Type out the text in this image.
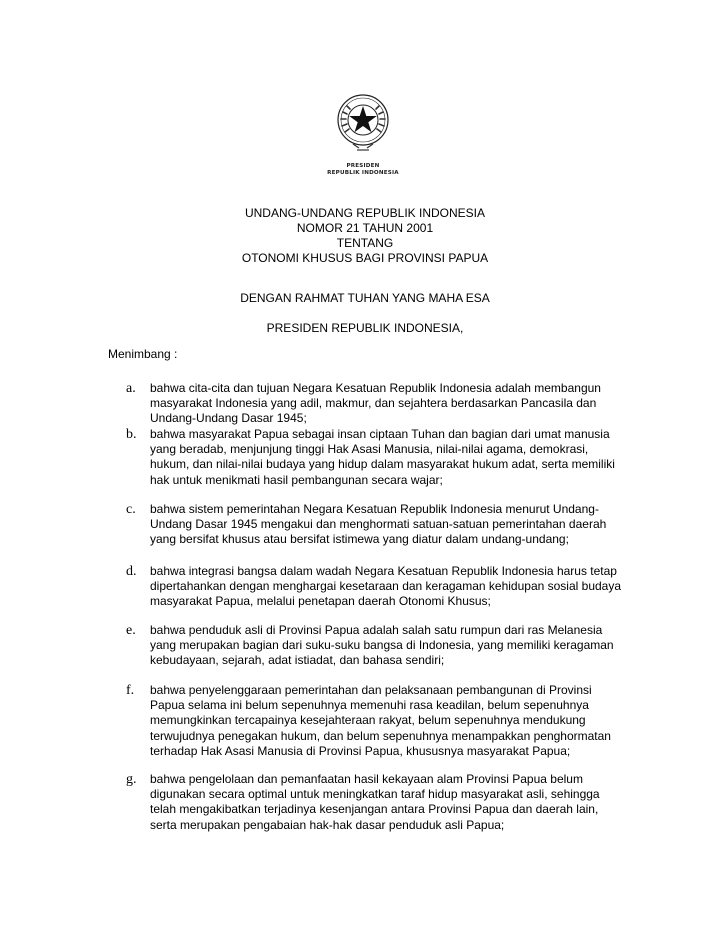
PRESIDEN
REPUBLIK INDONESIA
UNDANG-UNDANG REPUBLIK INDONESIA
NOMOR 21 TAHUN 2001
TENTANG
OTONOMI KHUSUS BAGI PROVINSI PAPUA
DENGAN RAHMAT TUHAN YANG MAHA ESA
PRESIDEN REPUBLIK INDONESIA,
Menimbang :
a.	bahwa cita-cita dan tujuan Negara Kesatuan Republik Indonesia adalah membangun masyarakat Indonesia yang adil, makmur, dan sejahtera berdasarkan Pancasila dan Undang-Undang Dasar 1945;
b.	bahwa masyarakat Papua sebagai insan ciptaan Tuhan dan bagian dari umat manusia yang beradab, menjunjung tinggi Hak Asasi Manusia, nilai-nilai agama, demokrasi, hukum, dan nilai-nilai budaya yang hidup dalam masyarakat hukum adat, serta memiliki hak untuk menikmati hasil pembangunan secara wajar;
c.	bahwa sistem pemerintahan Negara Kesatuan Republik Indonesia menurut Undang-Undang Dasar 1945 mengakui dan menghormati satuan-satuan pemerintahan daerah yang bersifat khusus atau bersifat istimewa yang diatur dalam undang-undang;
d.	bahwa integrasi bangsa dalam wadah Negara Kesatuan Republik Indonesia harus tetap dipertahankan dengan menghargai kesetaraan dan keragaman kehidupan sosial budaya masyarakat Papua, melalui penetapan daerah Otonomi Khusus;
e.	bahwa penduduk asli di Provinsi Papua adalah salah satu rumpun dari ras Melanesia yang merupakan bagian dari suku-suku bangsa di Indonesia, yang memiliki keragaman kebudayaan, sejarah, adat istiadat, dan bahasa sendiri;
f.	bahwa penyelenggaraan pemerintahan dan pelaksanaan pembangunan di Provinsi Papua selama ini belum sepenuhnya memenuhi rasa keadilan, belum sepenuhnya memungkinkan tercapainya kesejahteraan rakyat, belum sepenuhnya mendukung terwujudnya penegakan hukum, dan belum sepenuhnya menampakkan penghormatan terhadap Hak Asasi Manusia di Provinsi Papua, khususnya masyarakat Papua;
g.	bahwa pengelolaan dan pemanfaatan hasil kekayaan alam Provinsi Papua belum digunakan secara optimal untuk meningkatkan taraf hidup masyarakat asli, sehingga telah mengakibatkan terjadinya kesenjangan antara Provinsi Papua dan daerah lain, serta merupakan pengabaian hak-hak dasar penduduk asli Papua;
